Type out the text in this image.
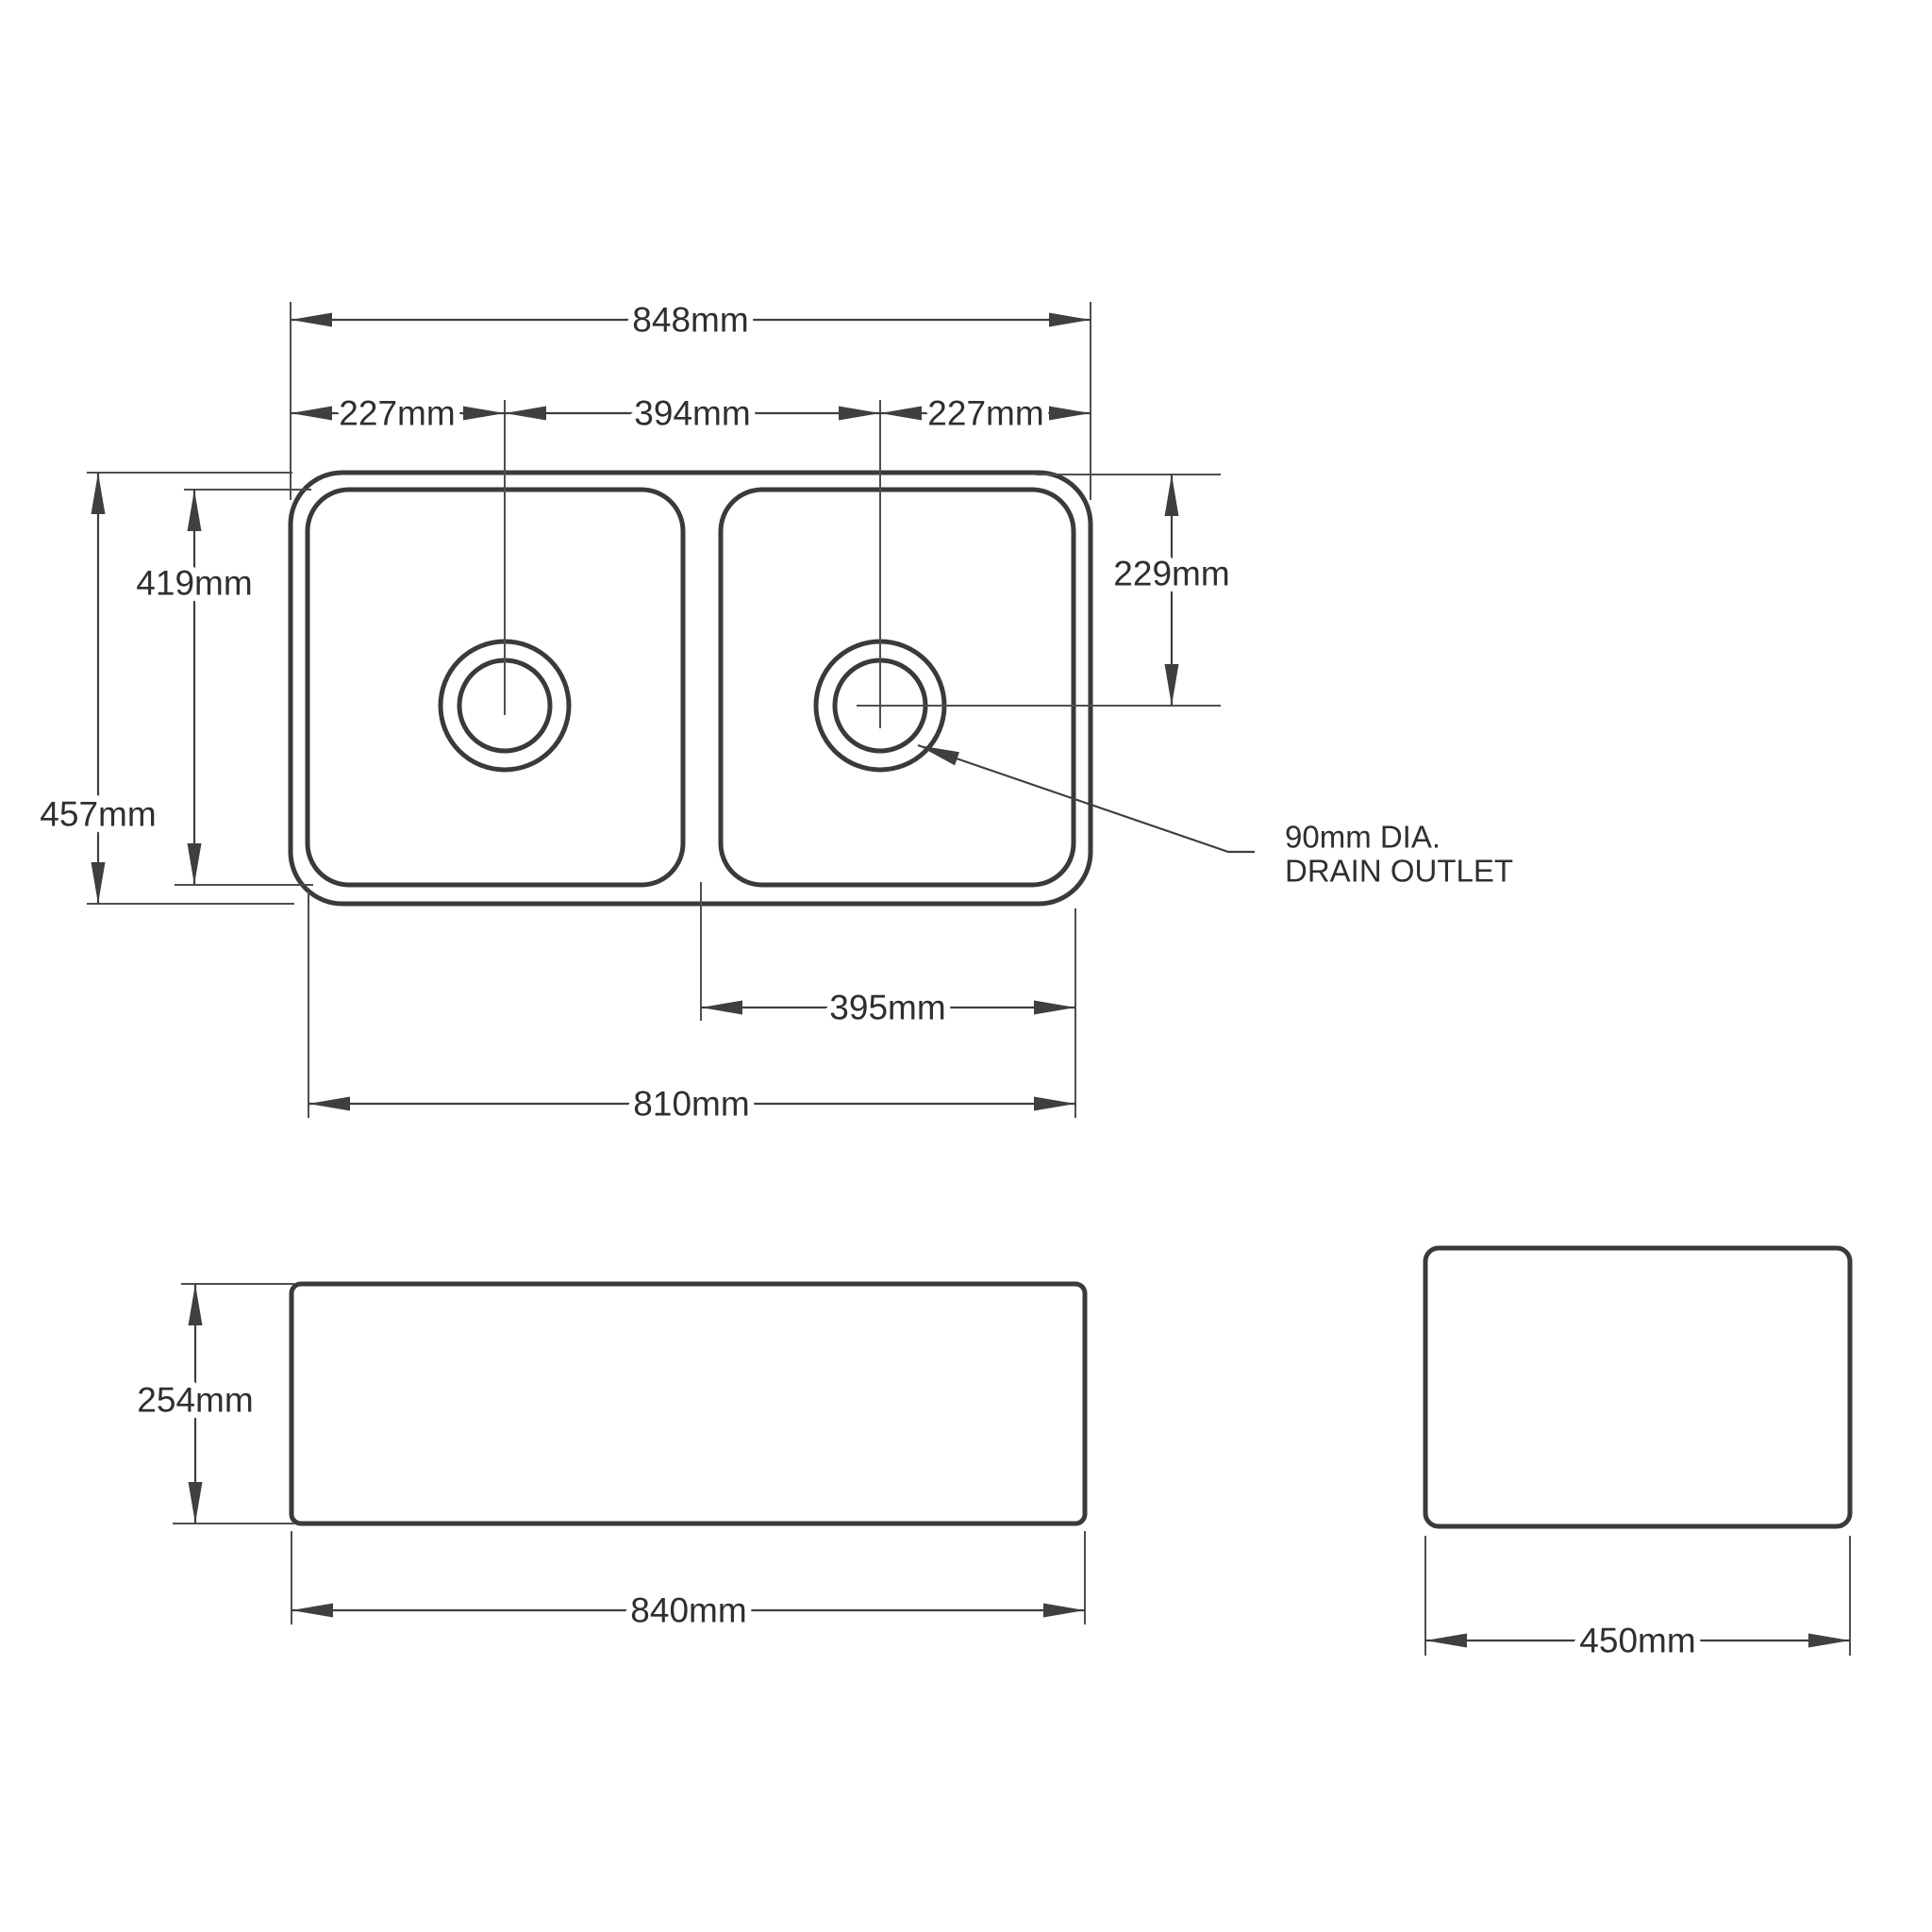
848mm
227mm	394mm	227mm
419mm
457mm
229mm
90mm DIA.
DRAIN OUTLET
395mm
810mm
254mm
840mm
450mm
